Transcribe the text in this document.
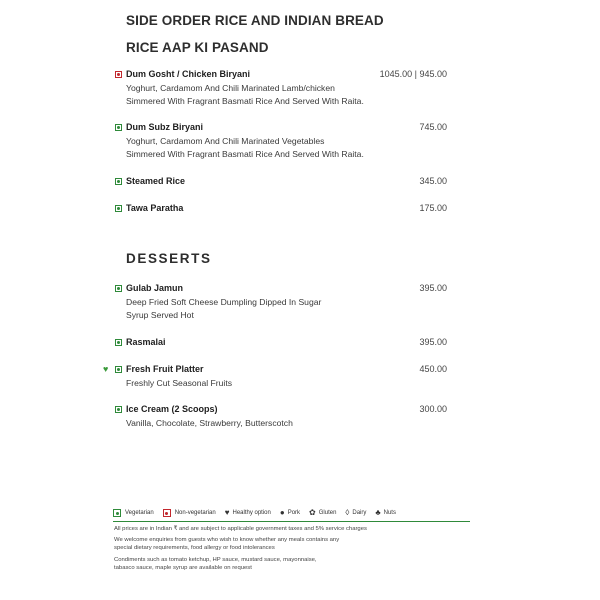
SIDE ORDER RICE AND INDIAN BREAD
RICE AAP KI PASAND
Dum Gosht / Chicken Biryani	1045.00 | 945.00
Yoghurt, Cardamom And Chili Marinated Lamb/chicken
Simmered With Fragrant Basmati Rice And Served With Raita.
Dum Subz Biryani	745.00
Yoghurt, Cardamom And Chili Marinated Vegetables
Simmered With Fragrant Basmati Rice And Served With Raita.
Steamed Rice	345.00
Tawa Paratha	175.00
DESSERTS
Gulab Jamun	395.00
Deep Fried Soft Cheese Dumpling Dipped In Sugar
Syrup Served Hot
Rasmalai	395.00
♥ Fresh Fruit Platter	450.00
Freshly Cut Seasonal Fruits
Ice Cream (2 Scoops)	300.00
Vanilla, Chocolate, Strawberry, Butterscotch
Vegetarian	Non-vegetarian ♥ Healthy option ● Pork ✿ Gluten ◊ Dairy ♣ Nuts

All prices are in Indian ₹ and are subject to applicable government taxes and 5% service charges

We welcome enquiries from guests who wish to know whether any meals contains any
special dietary requirements, food allergy or food intolerances

Condiments such as tomato ketchup, HP sauce, mustard sauce, mayonnaise,
tabasco sauce, maple syrup are available on request
